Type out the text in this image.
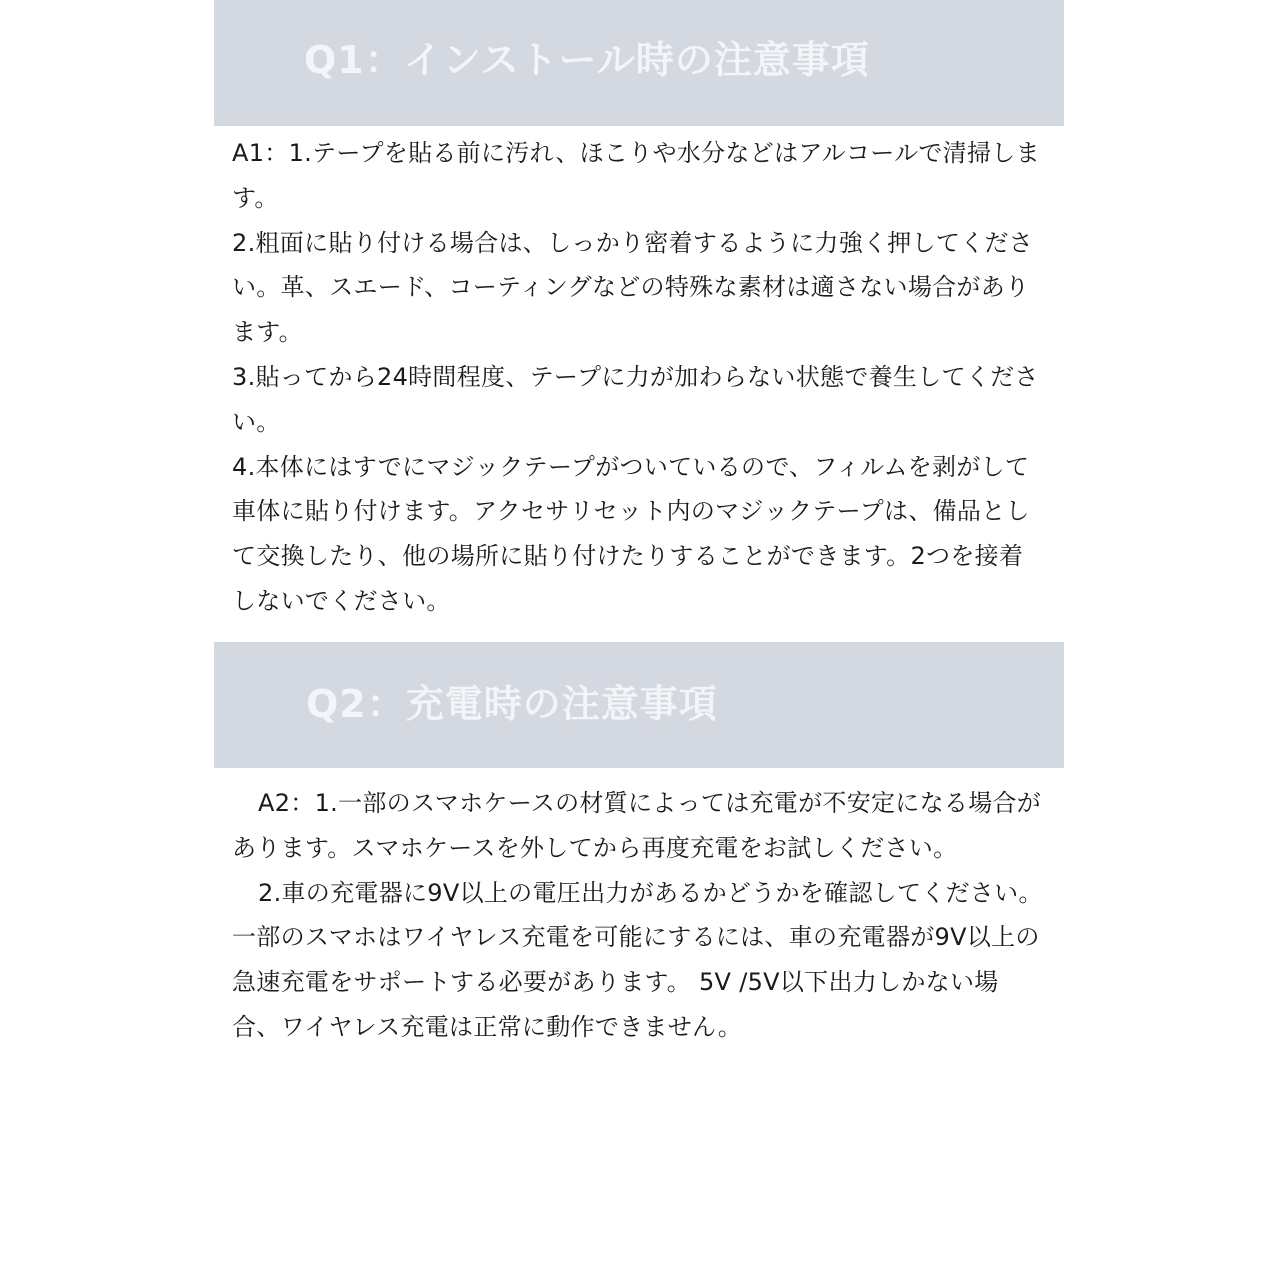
Q1：インストール時の注意事項

A1：1.テープを貼る前に汚れ、ほこりや水分などはアルコールで清掃します。

2.粗面に貼り付ける場合は、しっかり密着するように力強く押してください。革、スエード、コーティングなどの特殊な素材は適さない場合があります。

3.貼ってから24時間程度、テープに力が加わらない状態で養生してください。

4.本体にはすでにマジックテープがついているので、フィルムを剥がして車体に貼り付けます。アクセサリセット内のマジックテープは、備品として交換したり、他の場所に貼り付けたりすることができます。2つを接着しないでください。

Q2：充電時の注意事項

A2：1.一部のスマホケースの材質によっては充電が不安定になる場合があります。スマホケースを外してから再度充電をお試しください。

2.車の充電器に9V以上の電圧出力があるかどうかを確認してください。一部のスマホはワイヤレス充電を可能にするには、車の充電器が9V以上の急速充電をサポートする必要があります。 5V /5V以下出力しかない場合、ワイヤレス充電は正常に動作できません。
